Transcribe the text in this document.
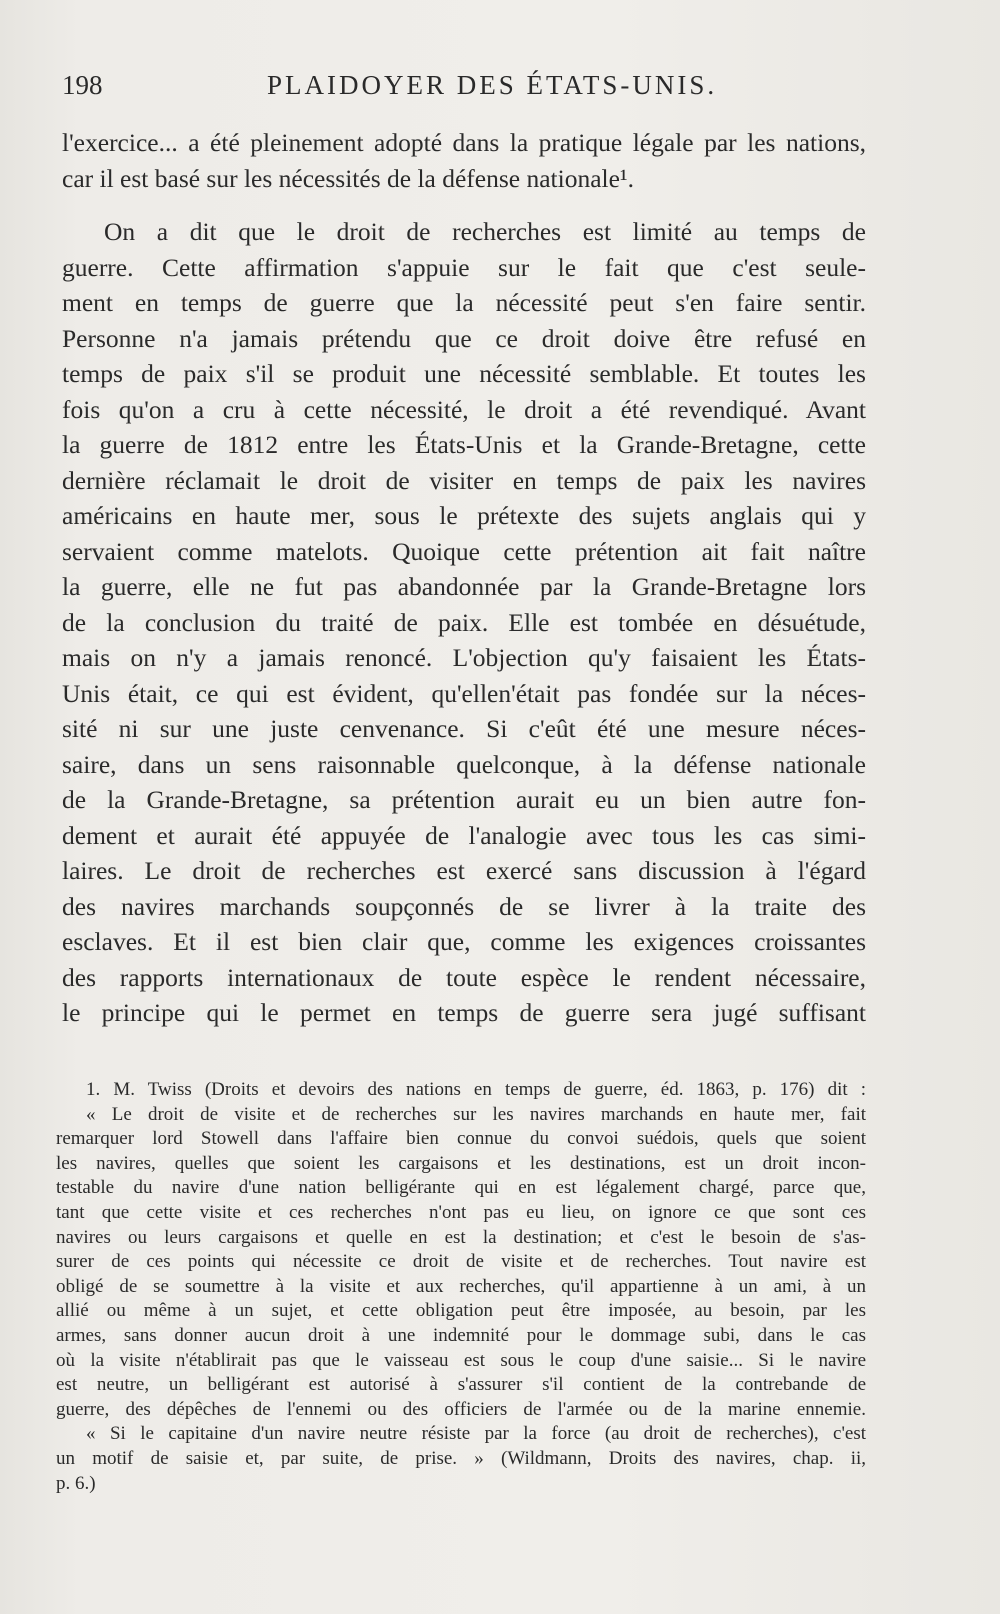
198	PLAIDOYER DES ÉTATS-UNIS.
l'exercice... a été pleinement adopté dans la pratique légale par les nations,
car il est basé sur les nécessités de la défense nationale¹.
On a dit que le droit de recherches est limité au temps de
guerre. Cette affirmation s'appuie sur le fait que c'est seule-
ment en temps de guerre que la nécessité peut s'en faire sentir.
Personne n'a jamais prétendu que ce droit doive être refusé en
temps de paix s'il se produit une nécessité semblable. Et toutes les
fois qu'on a cru à cette nécessité, le droit a été revendiqué. Avant
la guerre de 1812 entre les États-Unis et la Grande-Bretagne, cette
dernière réclamait le droit de visiter en temps de paix les navires
américains en haute mer, sous le prétexte des sujets anglais qui y
servaient comme matelots. Quoique cette prétention ait fait naître
la guerre, elle ne fut pas abandonnée par la Grande-Bretagne lors
de la conclusion du traité de paix. Elle est tombée en désuétude,
mais on n'y a jamais renoncé. L'objection qu'y faisaient les États-
Unis était, ce qui est évident, qu'ellen'était pas fondée sur la néces-
sité ni sur une juste cenvenance. Si c'eût été une mesure néces-
saire, dans un sens raisonnable quelconque, à la défense nationale
de la Grande-Bretagne, sa prétention aurait eu un bien autre fon-
dement et aurait été appuyée de l'analogie avec tous les cas simi-
laires. Le droit de recherches est exercé sans discussion à l'égard
des navires marchands soupçonnés de se livrer à la traite des
esclaves. Et il est bien clair que, comme les exigences croissantes
des rapports internationaux de toute espèce le rendent nécessaire,
le principe qui le permet en temps de guerre sera jugé suffisant
1. M. Twiss (Droits et devoirs des nations en temps de guerre, éd. 1863, p. 176) dit :
« Le droit de visite et de recherches sur les navires marchands en haute mer, fait
remarquer lord Stowell dans l'affaire bien connue du convoi suédois, quels que soient
les navires, quelles que soient les cargaisons et les destinations, est un droit incon-
testable du navire d'une nation belligérante qui en est légalement chargé, parce que,
tant que cette visite et ces recherches n'ont pas eu lieu, on ignore ce que sont ces
navires ou leurs cargaisons et quelle en est la destination; et c'est le besoin de s'as-
surer de ces points qui nécessite ce droit de visite et de recherches. Tout navire est
obligé de se soumettre à la visite et aux recherches, qu'il appartienne à un ami, à un
allié ou même à un sujet, et cette obligation peut être imposée, au besoin, par les
armes, sans donner aucun droit à une indemnité pour le dommage subi, dans le cas
où la visite n'établirait pas que le vaisseau est sous le coup d'une saisie... Si le navire
est neutre, un belligérant est autorisé à s'assurer s'il contient de la contrebande de
guerre, des dépêches de l'ennemi ou des officiers de l'armée ou de la marine ennemie.
« Si le capitaine d'un navire neutre résiste par la force (au droit de recherches), c'est
un motif de saisie et, par suite, de prise. » (Wildmann, Droits des navires, chap. ii,
p. 6.)
